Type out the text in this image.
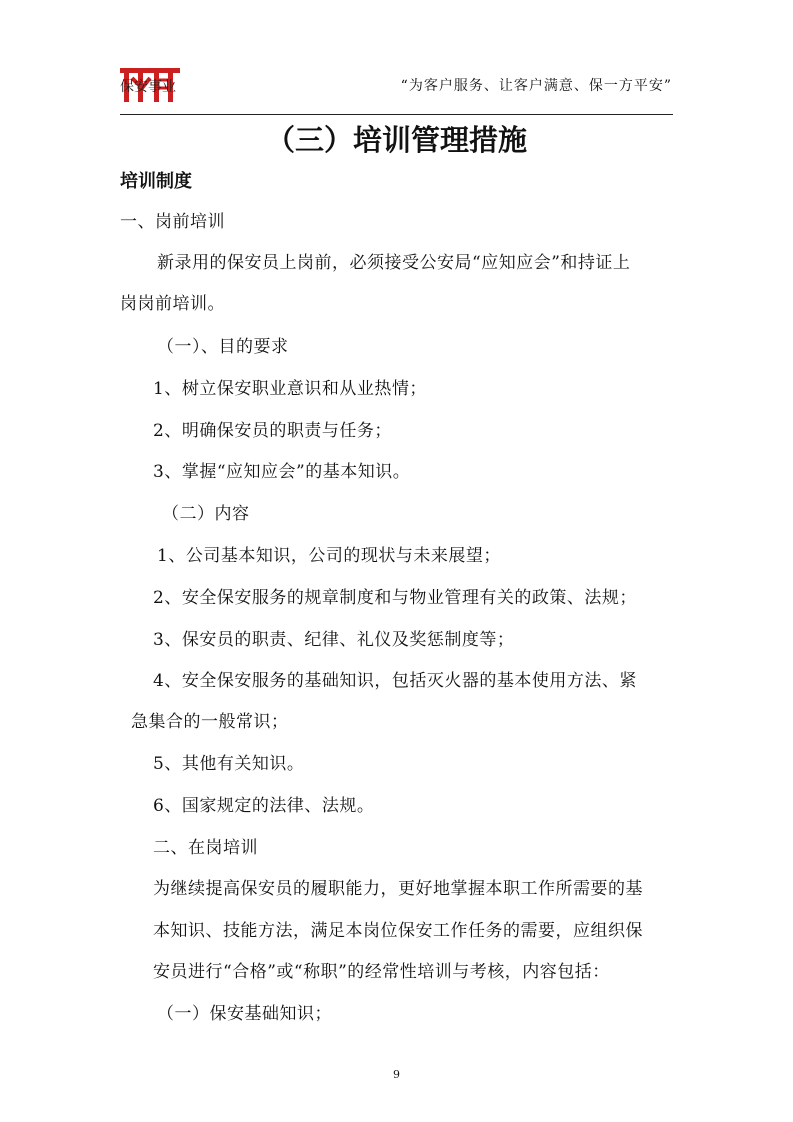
保安事业	“为客户服务、让客户满意、保一方平安”
（三）培训管理措施
培训制度
一、岗前培训
新录用的保安员上岗前，必须接受公安局“应知应会”和持证上
岗岗前培训。
（一）、目的要求
1、树立保安职业意识和从业热情；
2、明确保安员的职责与任务；
3、掌握“应知应会”的基本知识。
（二）内容
1、公司基本知识，公司的现状与未来展望；
2、安全保安服务的规章制度和与物业管理有关的政策、法规；
3、保安员的职责、纪律、礼仪及奖惩制度等；
4、安全保安服务的基础知识，包括灭火器的基本使用方法、紧
急集合的一般常识；
5、其他有关知识。
6、国家规定的法律、法规。
二、在岗培训
为继续提高保安员的履职能力，更好地掌握本职工作所需要的基
本知识、技能方法，满足本岗位保安工作任务的需要，应组织保
安员进行“合格”或“称职”的经常性培训与考核，内容包括：
（一）保安基础知识；
9
